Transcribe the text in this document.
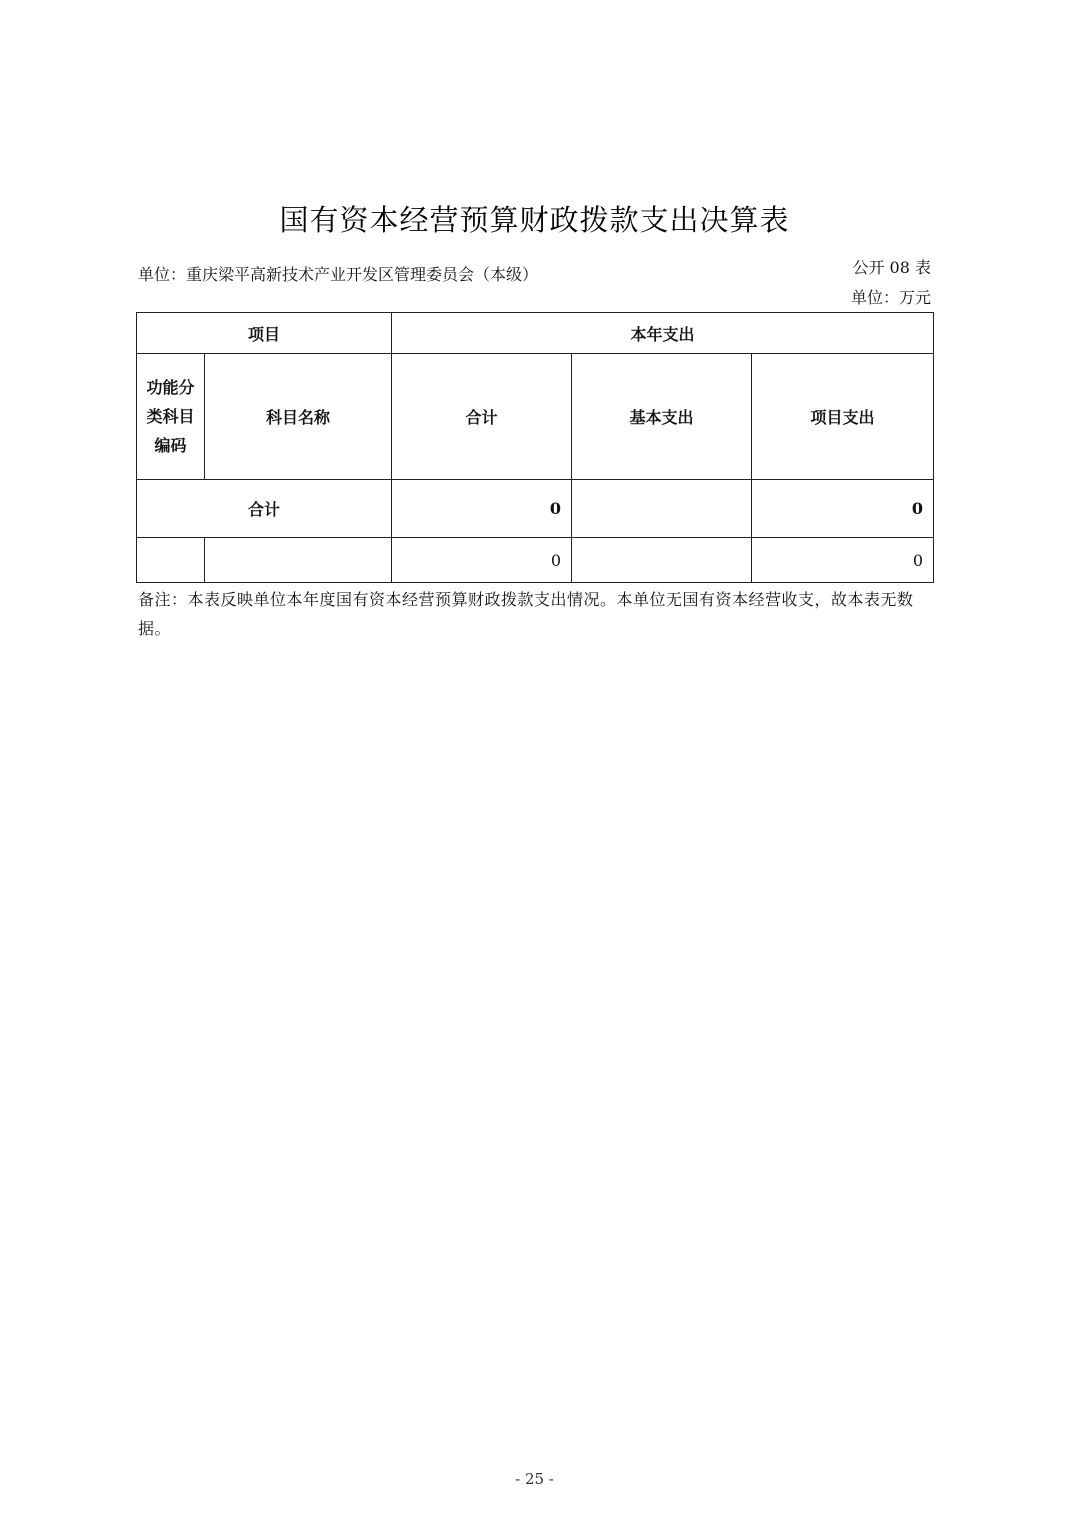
国有资本经营预算财政拨款支出决算表
单位：重庆梁平高新技术产业开发区管理委员会（本级）	公开 08 表
单位：万元
项目		本年支出		
功能分类科目编码	科目名称	合计	基本支出	项目支出
合计		0		0
		0		0
备注：本表反映单位本年度国有资本经营预算财政拨款支出情况。本单位无国有资本经营收支，故本表无数据。
- 25 -
